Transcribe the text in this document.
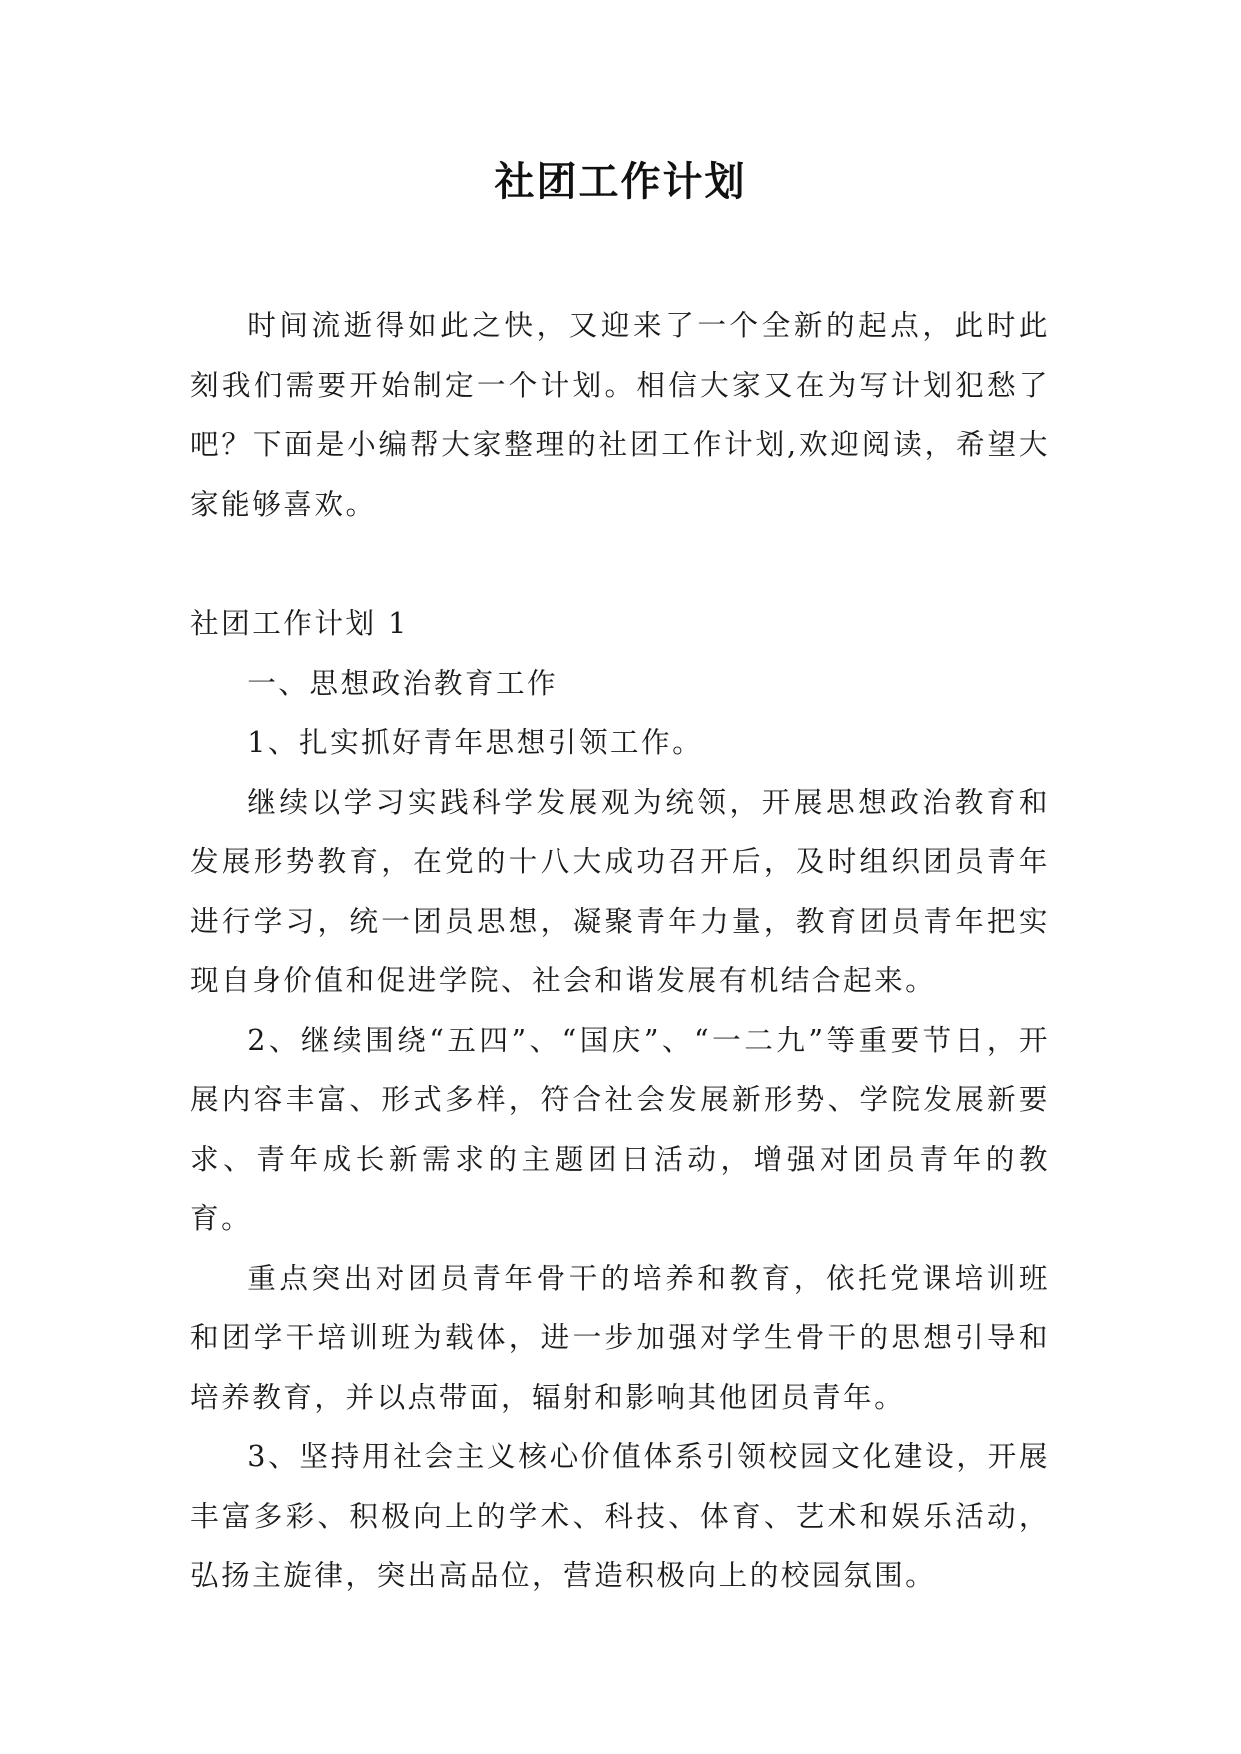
社团工作计划

时间流逝得如此之快，又迎来了一个全新的起点，此时此刻我们需要开始制定一个计划。相信大家又在为写计划犯愁了吧？下面是小编帮大家整理的社团工作计划,欢迎阅读，希望大家能够喜欢。

社团工作计划 1

一、思想政治教育工作

1、扎实抓好青年思想引领工作。

继续以学习实践科学发展观为统领，开展思想政治教育和发展形势教育，在党的十八大成功召开后，及时组织团员青年进行学习，统一团员思想，凝聚青年力量，教育团员青年把实现自身价值和促进学院、社会和谐发展有机结合起来。

2、继续围绕“五四”、“国庆”、“一二九”等重要节日，开展内容丰富、形式多样，符合社会发展新形势、学院发展新要求、青年成长新需求的主题团日活动，增强对团员青年的教育。

重点突出对团员青年骨干的培养和教育，依托党课培训班和团学干培训班为载体，进一步加强对学生骨干的思想引导和培养教育，并以点带面，辐射和影响其他团员青年。

3、坚持用社会主义核心价值体系引领校园文化建设，开展丰富多彩、积极向上的学术、科技、体育、艺术和娱乐活动，弘扬主旋律，突出高品位，营造积极向上的校园氛围。
